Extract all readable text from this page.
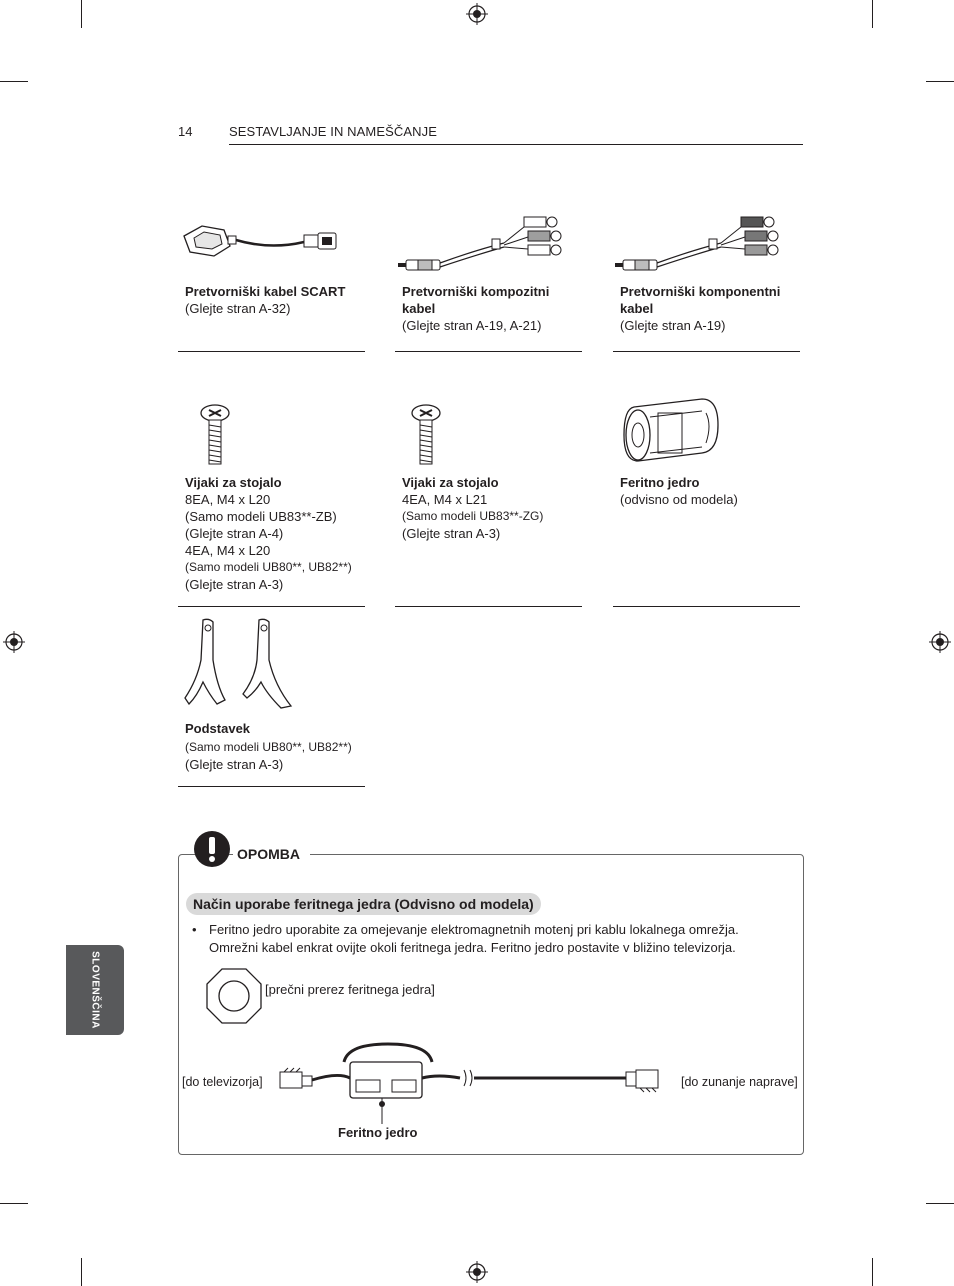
14	SESTAVLJANJE IN NAMEŠČANJE
Pretvorniški kabel SCART
(Glejte stran A-32)
Pretvorniški kompozitni
kabel
(Glejte stran A-19, A-21)
Pretvorniški komponentni
kabel
(Glejte stran A-19)
Vijaki za stojalo
8EA, M4 x L20
(Samo modeli UB83**-ZB)
(Glejte stran A-4)
4EA, M4 x L20
(Samo modeli UB80**, UB82**)
(Glejte stran A-3)
Vijaki za stojalo
4EA, M4 x L21
(Samo modeli UB83**-ZG)
(Glejte stran A-3)
Feritno jedro
(odvisno od modela)
Podstavek
(Samo modeli UB80**, UB82**)
(Glejte stran A-3)
SLOVENŠČINA
OPOMBA
Način uporabe feritnega jedra (Odvisno od modela)
• Feritno jedro uporabite za omejevanje elektromagnetnih motenj pri kablu lokalnega omrežja.
Omrežni kabel enkrat ovijte okoli feritnega jedra. Feritno jedro postavite v bližino televizorja.
[prečni prerez feritnega jedra]
[do televizorja]	[do zunanje naprave]
Feritno jedro
